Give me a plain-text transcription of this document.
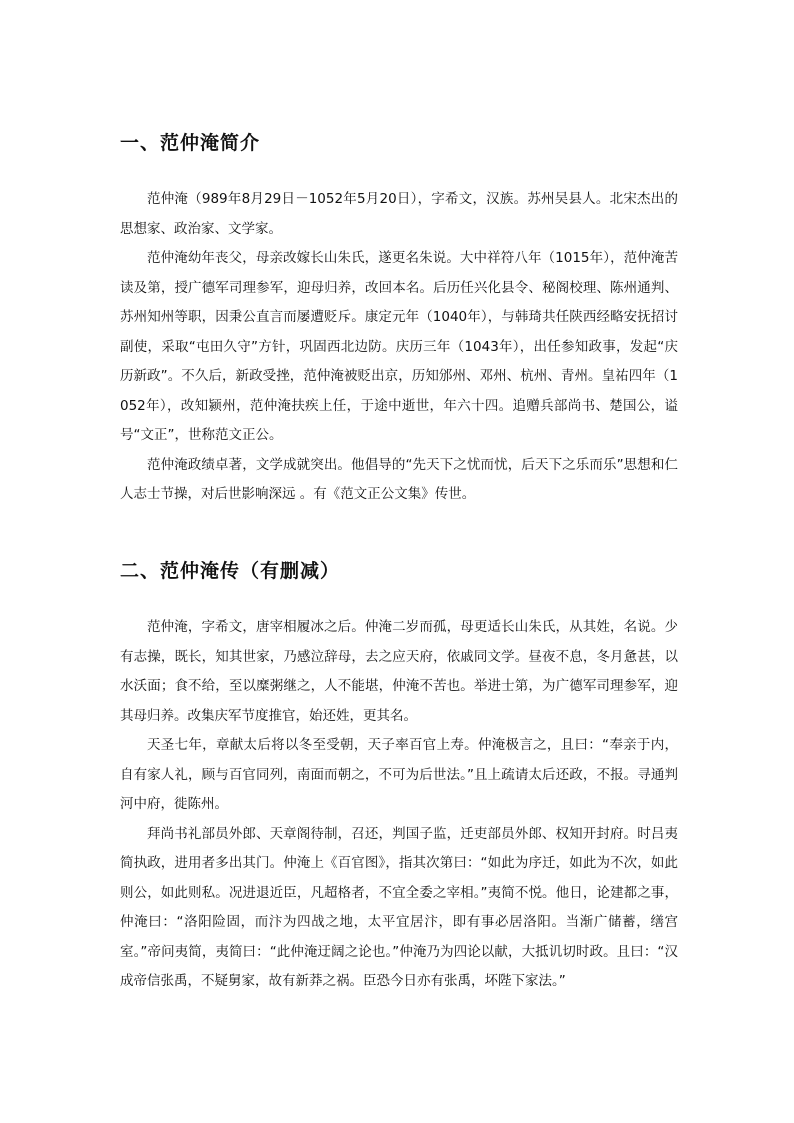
一、范仲淹简介

范仲淹（989年8月29日－1052年5月20日），字希文，汉族。苏州吴县人。北宋杰出的思想家、政治家、文学家。

范仲淹幼年丧父，母亲改嫁长山朱氏，遂更名朱说。大中祥符八年（1015年），范仲淹苦读及第，授广德军司理参军，迎母归养，改回本名。后历任兴化县令、秘阁校理、陈州通判、苏州知州等职，因秉公直言而屡遭贬斥。康定元年（1040年），与韩琦共任陕西经略安抚招讨副使，采取“屯田久守”方针，巩固西北边防。庆历三年（1043年），出任参知政事，发起“庆历新政”。不久后，新政受挫，范仲淹被贬出京，历知邠州、邓州、杭州、青州。皇祐四年（1052年），改知颍州，范仲淹扶疾上任，于途中逝世，年六十四。追赠兵部尚书、楚国公，谥号“文正”，世称范文正公。

范仲淹政绩卓著，文学成就突出。他倡导的“先天下之忧而忧，后天下之乐而乐”思想和仁人志士节操，对后世影响深远 。有《范文正公文集》传世。

二、范仲淹传（有删减）

范仲淹，字希文，唐宰相履冰之后。仲淹二岁而孤，母更适长山朱氏，从其姓，名说。少有志操，既长，知其世家，乃感泣辞母，去之应天府，依戚同文学。昼夜不息，冬月惫甚，以水沃面；食不给，至以糜粥继之，人不能堪，仲淹不苦也。举进士第，为广德军司理参军，迎其母归养。改集庆军节度推官，始还姓，更其名。

天圣七年，章献太后将以冬至受朝，天子率百官上寿。仲淹极言之，且曰：“奉亲于内，自有家人礼，顾与百官同列，南面而朝之，不可为后世法。”且上疏请太后还政，不报。寻通判河中府，徙陈州。

拜尚书礼部员外郎、天章阁待制，召还，判国子监，迁吏部员外郎、权知开封府。时吕夷简执政，进用者多出其门。仲淹上《百官图》，指其次第曰：“如此为序迁，如此为不次，如此则公，如此则私。况进退近臣，凡超格者，不宜全委之宰相。”夷简不悦。他日，论建都之事，仲淹曰：“洛阳险固，而汴为四战之地，太平宜居汴，即有事必居洛阳。当渐广储蓄，缮宫室。”帝问夷简，夷简曰：“此仲淹迂阔之论也。”仲淹乃为四论以献，大抵讥切时政。且曰：“汉成帝信张禹，不疑舅家，故有新莽之祸。臣恐今日亦有张禹，坏陛下家法。”
